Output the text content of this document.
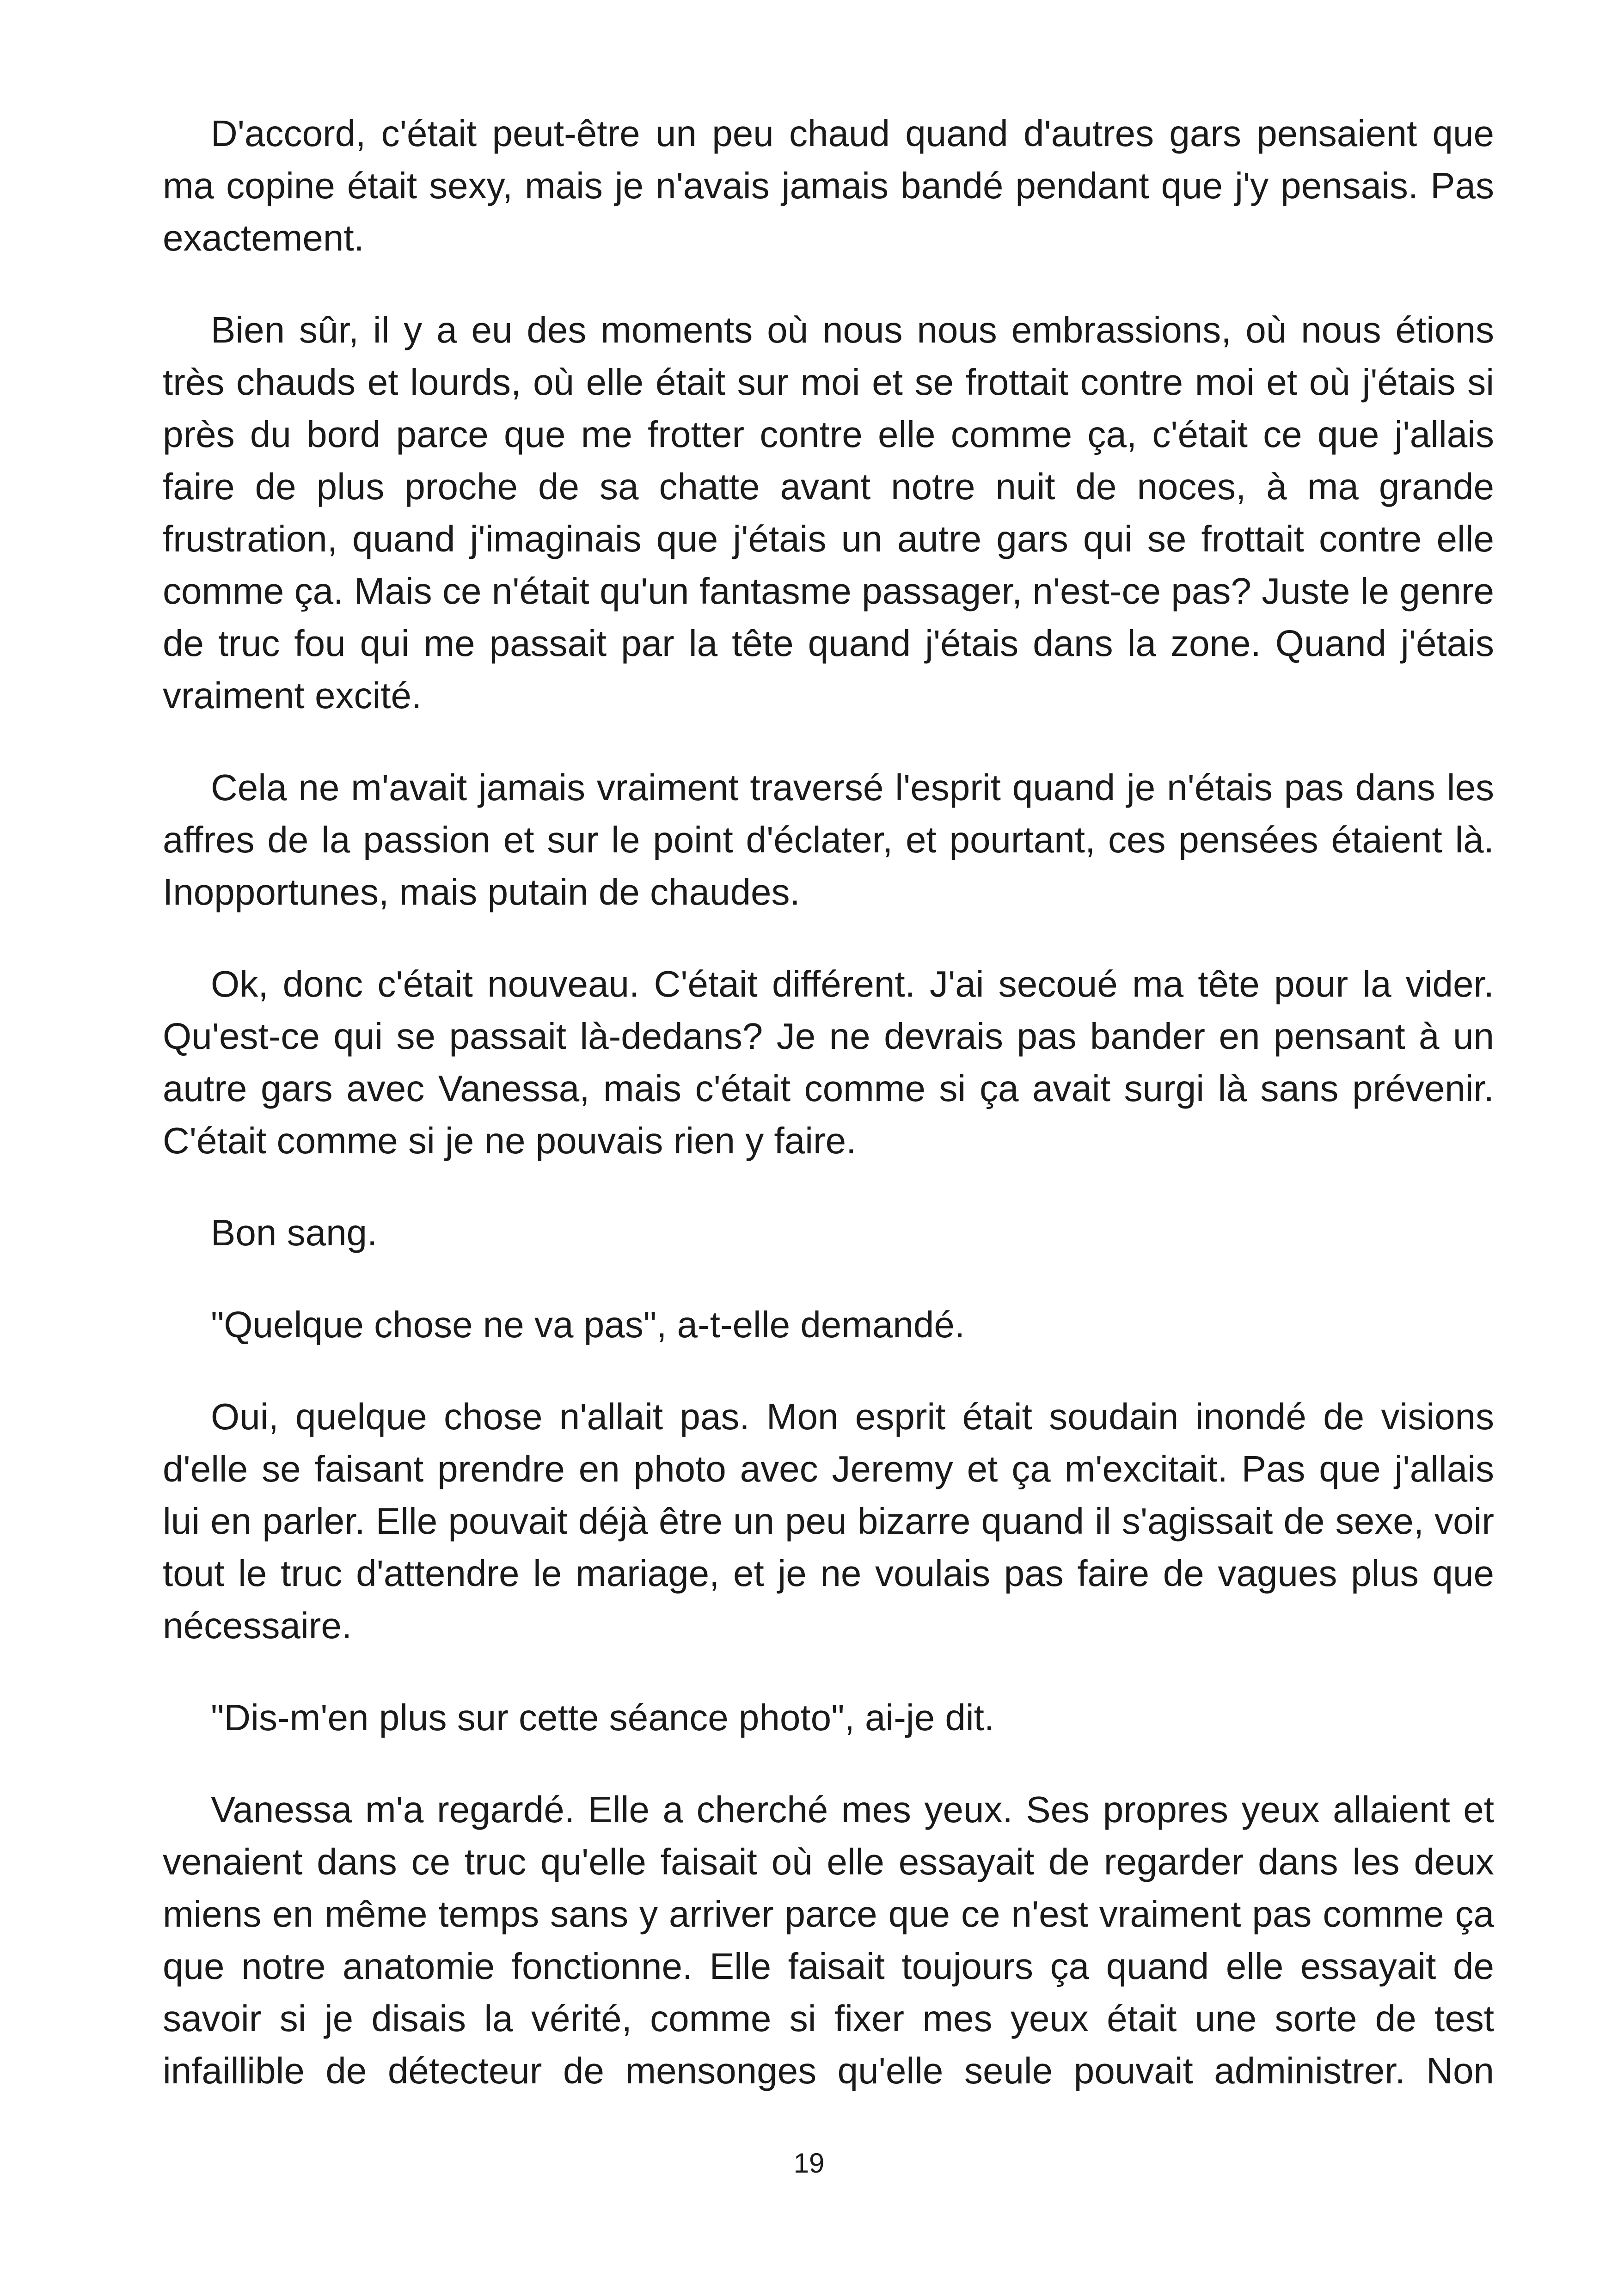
D'accord, c'était peut-être un peu chaud quand d'autres gars pensaient que ma copine était sexy, mais je n'avais jamais bandé pendant que j'y pensais. Pas exactement.

Bien sûr, il y a eu des moments où nous nous embrassions, où nous étions très chauds et lourds, où elle était sur moi et se frottait contre moi et où j'étais si près du bord parce que me frotter contre elle comme ça, c'était ce que j'allais faire de plus proche de sa chatte avant notre nuit de noces, à ma grande frustration, quand j'imaginais que j'étais un autre gars qui se frottait contre elle comme ça. Mais ce n'était qu'un fantasme passager, n'est-ce pas? Juste le genre de truc fou qui me passait par la tête quand j'étais dans la zone. Quand j'étais vraiment excité.

Cela ne m'avait jamais vraiment traversé l'esprit quand je n'étais pas dans les affres de la passion et sur le point d'éclater, et pourtant, ces pensées étaient là. Inopportunes, mais putain de chaudes.

Ok, donc c'était nouveau. C'était différent. J'ai secoué ma tête pour la vider. Qu'est-ce qui se passait là-dedans? Je ne devrais pas bander en pensant à un autre gars avec Vanessa, mais c'était comme si ça avait surgi là sans prévenir. C'était comme si je ne pouvais rien y faire.

Bon sang.

"Quelque chose ne va pas", a-t-elle demandé.

Oui, quelque chose n'allait pas. Mon esprit était soudain inondé de visions d'elle se faisant prendre en photo avec Jeremy et ça m'excitait. Pas que j'allais lui en parler. Elle pouvait déjà être un peu bizarre quand il s'agissait de sexe, voir tout le truc d'attendre le mariage, et je ne voulais pas faire de vagues plus que nécessaire.

"Dis-m'en plus sur cette séance photo", ai-je dit.

Vanessa m'a regardé. Elle a cherché mes yeux. Ses propres yeux allaient et venaient dans ce truc qu'elle faisait où elle essayait de regarder dans les deux miens en même temps sans y arriver parce que ce n'est vraiment pas comme ça que notre anatomie fonctionne. Elle faisait toujours ça quand elle essayait de savoir si je disais la vérité, comme si fixer mes yeux était une sorte de test infaillible de détecteur de mensonges qu'elle seule pouvait administrer. Non

19
